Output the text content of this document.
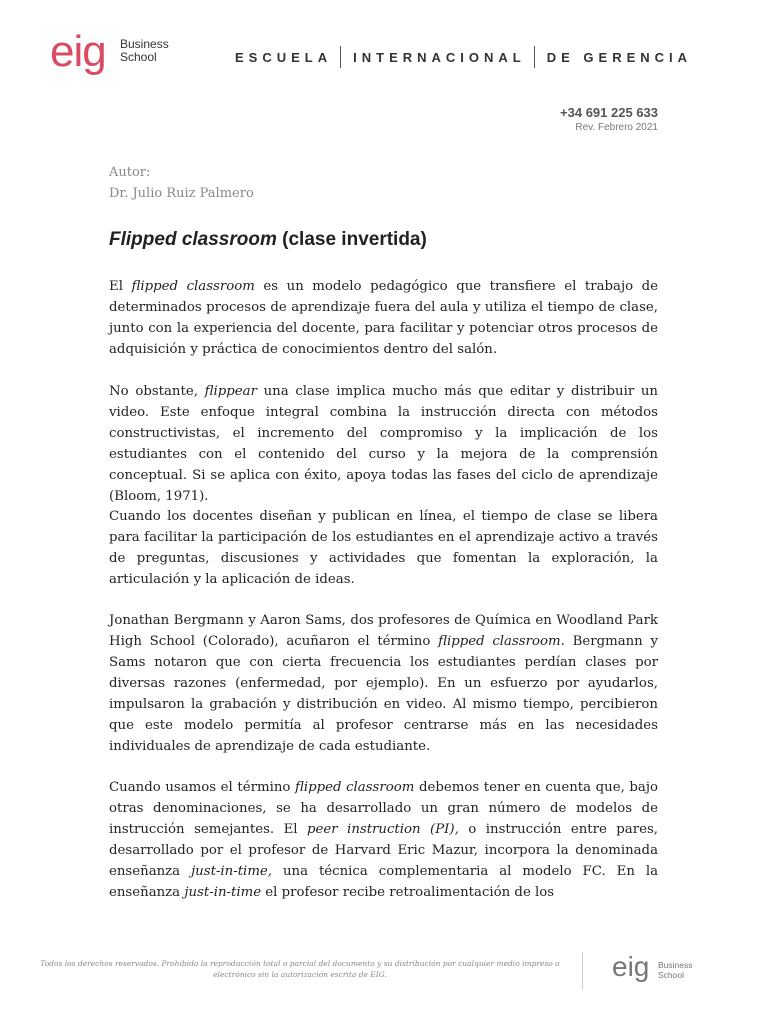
eig Business
School	ESCUELA INTERNACIONAL DE GERENCIA
+34 691 225 633
Rev. Febrero 2021
Autor:
Dr. Julio Ruiz Palmero
Flipped classroom (clase invertida)

El flipped classroom es un modelo pedagógico que transfiere el trabajo de determinados procesos de aprendizaje fuera del aula y utiliza el tiempo de clase, junto con la experiencia del docente, para facilitar y potenciar otros procesos de adquisición y práctica de conocimientos dentro del salón.

No obstante, flippear una clase implica mucho más que editar y distribuir un video. Este enfoque integral combina la instrucción directa con métodos constructivistas, el incremento del compromiso y la implicación de los estudiantes con el contenido del curso y la mejora de la comprensión conceptual. Si se aplica con éxito, apoya todas las fases del ciclo de aprendizaje (Bloom, 1971).

Cuando los docentes diseñan y publican en línea, el tiempo de clase se libera para facilitar la participación de los estudiantes en el aprendizaje activo a través de preguntas, discusiones y actividades que fomentan la exploración, la articulación y la aplicación de ideas.

Jonathan Bergmann y Aaron Sams, dos profesores de Química en Woodland Park High School (Colorado), acuñaron el término flipped classroom. Bergmann y Sams notaron que con cierta frecuencia los estudiantes perdían clases por diversas razones (enfermedad, por ejemplo). En un esfuerzo por ayudarlos, impulsaron la grabación y distribución en video. Al mismo tiempo, percibieron que este modelo permitía al profesor centrarse más en las necesidades individuales de aprendizaje de cada estudiante.

Cuando usamos el término flipped classroom debemos tener en cuenta que, bajo otras denominaciones, se ha desarrollado un gran número de modelos de instrucción semejantes. El peer instruction (PI), o instrucción entre pares, desarrollado por el profesor de Harvard Eric Mazur, incorpora la denominada enseñanza just-in-time, una técnica complementaria al modelo FC. En la enseñanza just-in-time el profesor recibe retroalimentación de los

Todos los derechos reservados. Prohibida la reproducción total o parcial del documento y su distribución por cualquier medio impreso o electrónico sin la autorización escrita de EIG.	eig Business
School
